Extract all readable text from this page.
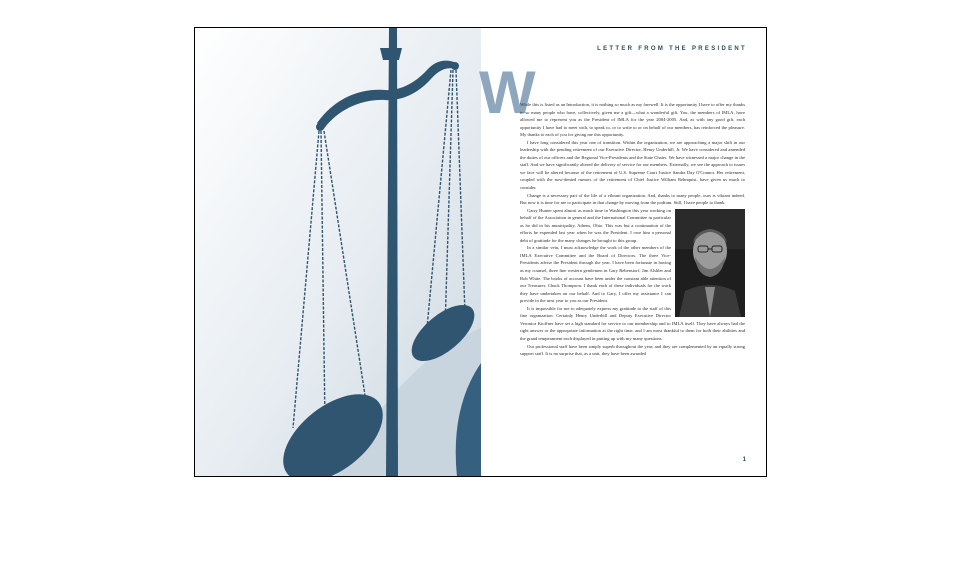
LETTER FROM THE PRESIDENT
W

While this is listed as an Introduction, it is nothing so much as my farewell. It is the opportunity I have to offer my thanks to so many people who have, collectively, given me a gift—what a wonderful gift. You, the members of IMLA, have allowed me to represent you as the President of IMLA for the year 2004-2005. And, as with any good gift, each opportunity I have had to meet with, to speak to, or to write to or on behalf of our members, has reinforced the pleasure. My thanks to each of you for giving me this opportunity.

I have long considered this year one of transition. Within the organization, we are approaching a major shift in our leadership with the pending retirement of our Executive Director, Henry Underhill, Jr. We have considered and amended the duties of our officers and the Regional Vice-Presidents and the State Chairs. We have witnessed a major change in the staff. And we have significantly altered the delivery of service for our members. Externally, we see the approach to issues we face will be altered because of the retirement of U.S. Supreme Court Justice Sandra Day O'Connor. Her retirement, coupled with the now-denied rumors of the retirement of Chief Justice William Rehnquist, have given us much to consider.

Change is a necessary part of the life of a vibrant organization. And, thanks to many people, ours is vibrant indeed. But now it is time for me to participate in that change by moving from the podium. Still, I have people to thank.

Garry Hunter spent almost as much time in Washington this year working on behalf of the Association in general and the International Committee in particular as he did in his municipality, Athens, Ohio. This was but a continuation of the efforts he expended last year when he was the President. I owe him a personal debt of gratitude for the many changes he brought to this group.

In a similar vein, I must acknowledge the work of the other members of the IMLA Executive Committee and the Board of Directors. The three Vice-Presidents advise the President through the year. I have been fortunate in having as my counsel, three fine western gentlemen in Gary Rebenstorf, Jim Alshler and Bob White. The books of account have been under the constant able attention of our Treasurer, Chuck Thompson. I thank each of these individuals for the work they have undertaken on our behalf. And to Gary, I offer my assistance I can provide in the next year to you as our President.

It is impossible for me to adequately express my gratitude to the staff of this fine organization. Certainly Henry Underhill and Deputy Executive Director Veronica Kioffner have set a high standard for service to our membership and to IMLA itself. They have always had the right answer or the appropriate information at the right time, and I am most thankful to them for both their abilities and the grand temperament each displayed in putting up with my many questions.

Our professional staff have been simply superb throughout the year, and they are complemented by an equally strong support staff. It is no surprise that, as a unit, they have been awarded

1
